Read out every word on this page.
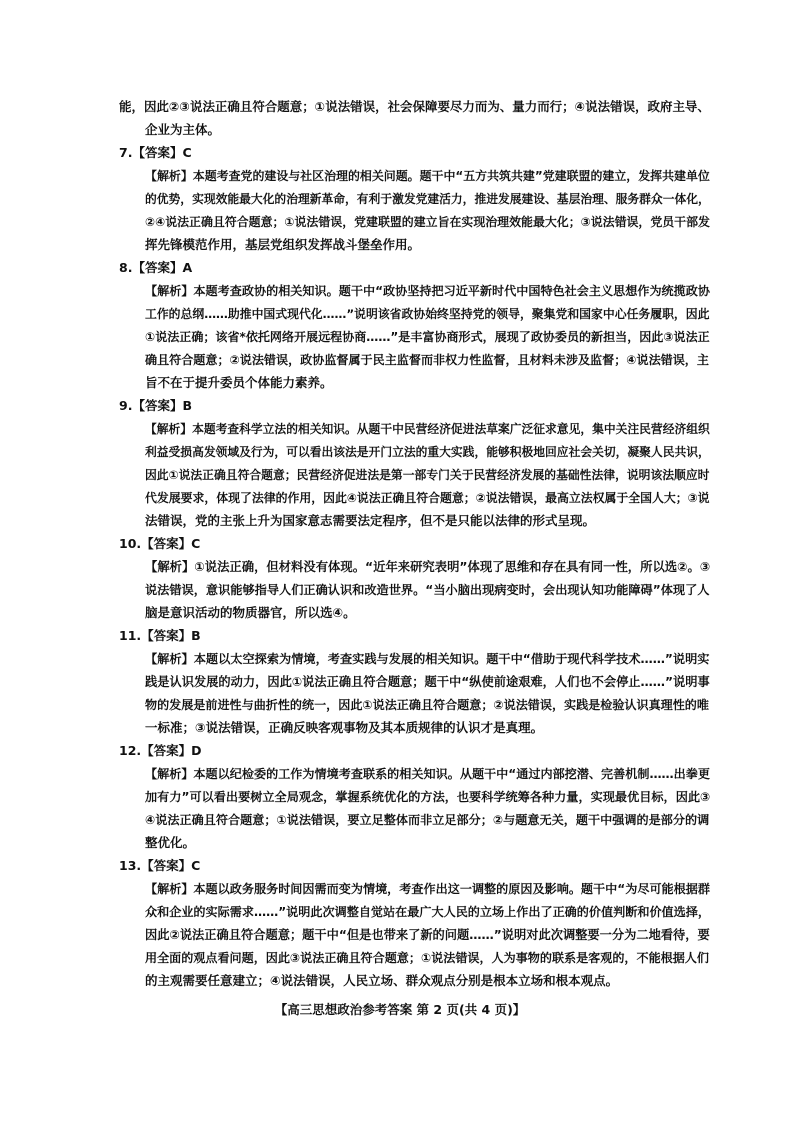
能，因此②③说法正确且符合题意；①说法错误，社会保障要尽力而为、量力而行；④说法错误，政府主导、
企业为主体。
7.【答案】C
【解析】本题考查党的建设与社区治理的相关问题。题干中“五方共筑共建”党建联盟的建立，发挥共建单位
的优势，实现效能最大化的治理新革命，有利于激发党建活力，推进发展建设、基层治理、服务群众一体化，
②④说法正确且符合题意；①说法错误，党建联盟的建立旨在实现治理效能最大化；③说法错误，党员干部发
挥先锋模范作用，基层党组织发挥战斗堡垒作用。
8.【答案】A
【解析】本题考查政协的相关知识。题干中“政协坚持把习近平新时代中国特色社会主义思想作为统揽政协
工作的总纲……助推中国式现代化……”说明该省政协始终坚持党的领导，聚集党和国家中心任务履职，因此
①说法正确；该省*依托网络开展远程协商……”是丰富协商形式，展现了政协委员的新担当，因此③说法正
确且符合题意；②说法错误，政协监督属于民主监督而非权力性监督，且材料未涉及监督；④说法错误，主
旨不在于提升委员个体能力素养。
9.【答案】B
【解析】本题考查科学立法的相关知识。从题干中民营经济促进法草案广泛征求意见，集中关注民营经济组织
利益受损高发领域及行为，可以看出该法是开门立法的重大实践，能够积极地回应社会关切，凝聚人民共识，
因此①说法正确且符合题意；民营经济促进法是第一部专门关于民营经济发展的基础性法律，说明该法顺应时
代发展要求，体现了法律的作用，因此④说法正确且符合题意；②说法错误，最高立法权属于全国人大；③说
法错误，党的主张上升为国家意志需要法定程序，但不是只能以法律的形式呈现。
10.【答案】C
【解析】①说法正确，但材料没有体现。“近年来研究表明”体现了思维和存在具有同一性，所以选②。③
说法错误，意识能够指导人们正确认识和改造世界。“当小脑出现病变时，会出现认知功能障碍”体现了人
脑是意识活动的物质器官，所以选④。
11.【答案】B
【解析】本题以太空探索为情境，考查实践与发展的相关知识。题干中“借助于现代科学技术……”说明实
践是认识发展的动力，因此①说法正确且符合题意；题干中“纵使前途艰难，人们也不会停止……”说明事
物的发展是前进性与曲折性的统一，因此①说法正确且符合题意；②说法错误，实践是检验认识真理性的唯
一标准；③说法错误，正确反映客观事物及其本质规律的认识才是真理。
12.【答案】D
【解析】本题以纪检委的工作为情境考查联系的相关知识。从题干中“通过内部挖潜、完善机制……出拳更
加有力”可以看出要树立全局观念，掌握系统优化的方法，也要科学统筹各种力量，实现最优目标，因此③
④说法正确且符合题意；①说法错误，要立足整体而非立足部分；②与题意无关，题干中强调的是部分的调
整优化。
13.【答案】C
【解析】本题以政务服务时间因需而变为情境，考查作出这一调整的原因及影响。题干中“为尽可能根据群
众和企业的实际需求……”说明此次调整自觉站在最广大人民的立场上作出了正确的价值判断和价值选择，
因此②说法正确且符合题意；题干中“但是也带来了新的问题……”说明对此次调整要一分为二地看待，要
用全面的观点看问题，因此③说法正确且符合题意；①说法错误，人为事物的联系是客观的，不能根据人们
的主观需要任意建立；④说法错误，人民立场、群众观点分别是根本立场和根本观点。
【高三思想政治参考答案 第 2 页(共 4 页)】
